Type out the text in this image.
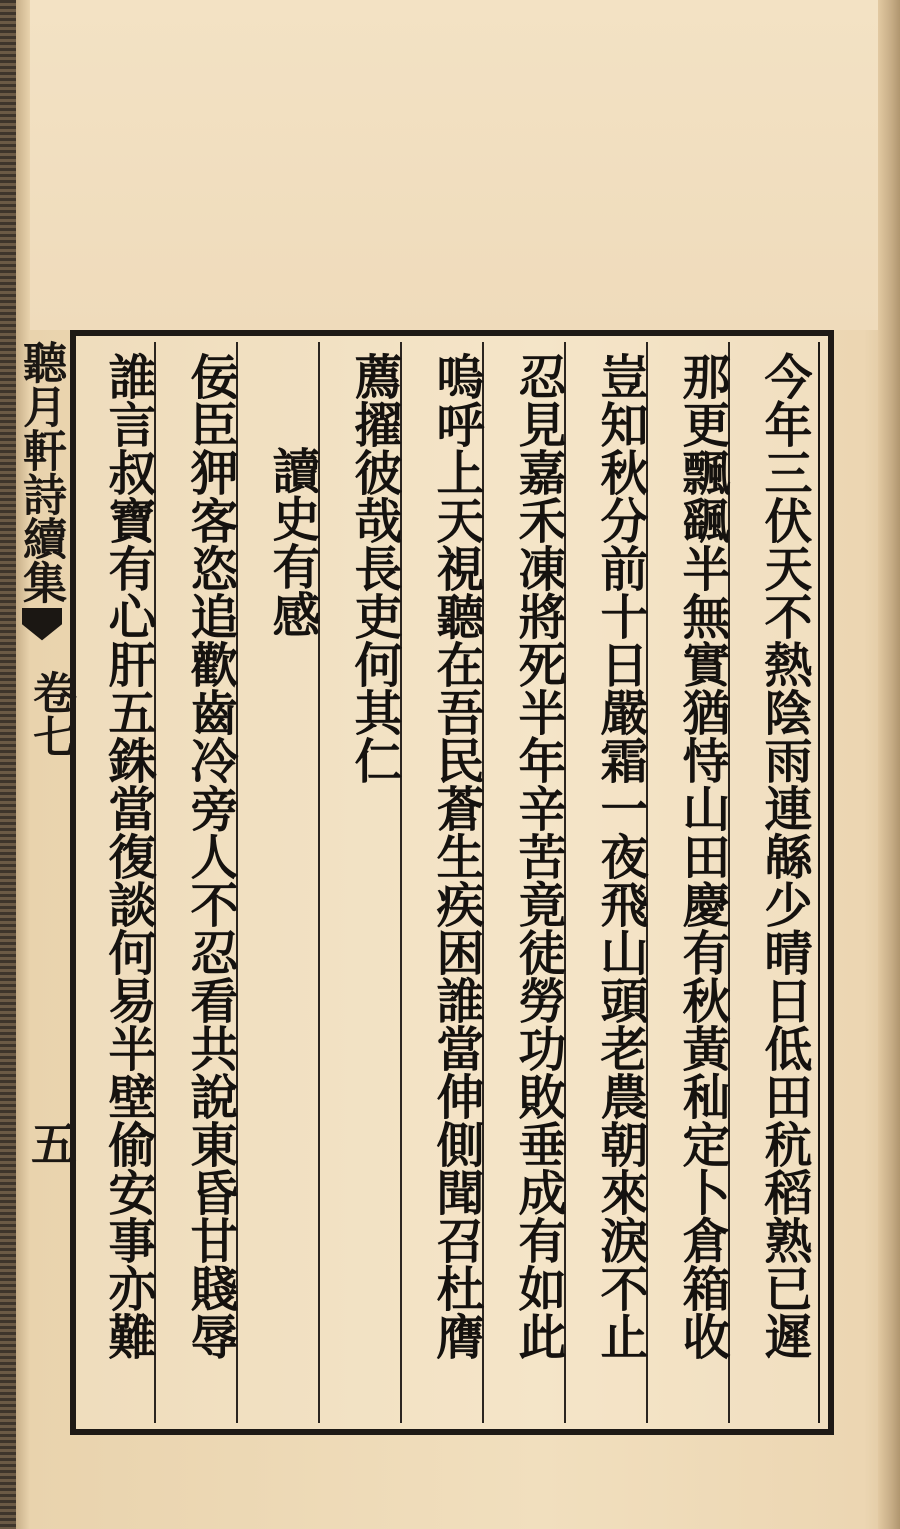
聽月軒詩續集
卷七
五	今年三伏天不熱陰雨連緜少晴日低田秔稻熟已遲
那更飄颻半無實猶恃山田慶有秋黃秈定卜倉箱收
豈知秋分前十日嚴霜一夜飛山頭老農朝來淚不止
忍見嘉禾凍將死半年辛苦竟徒勞功敗垂成有如此
嗚呼上天視聽在吾民蒼生疾困誰當伸側聞召杜膺
薦擢彼哉長吏何其仁
讀史有感
佞臣狎客恣追歡齒冷旁人不忍看共說東昏甘賤辱
誰言叔寶有心肝五銖當復談何易半壁偷安事亦難
